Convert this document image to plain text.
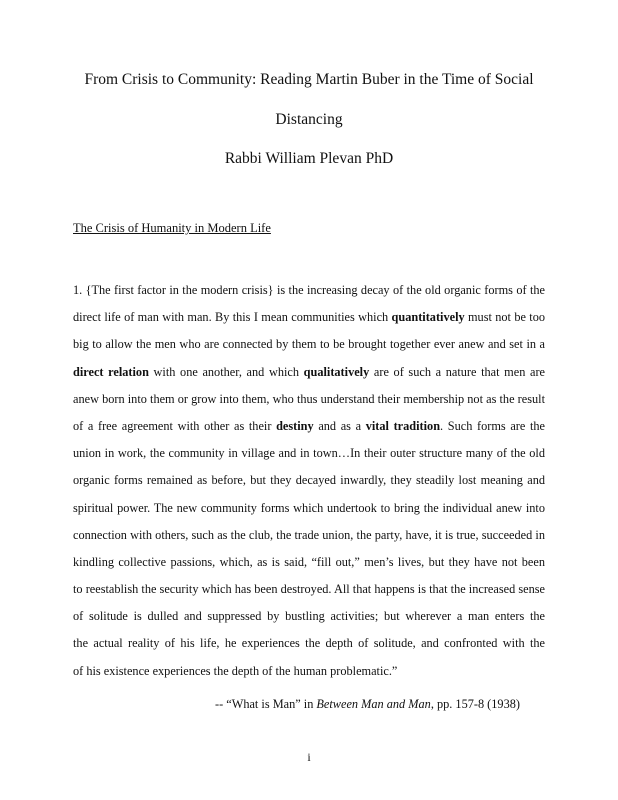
From Crisis to Community: Reading Martin Buber in the Time of Social
Distancing
Rabbi William Plevan PhD
The Crisis of Humanity in Modern Life
1. {The first factor in the modern crisis} is the increasing decay of the old organic forms of the
direct life of man with man. By this I mean communities which quantitatively must not be too
big to allow the men who are connected by them to be brought together ever anew and set in a
direct relation with one another, and which qualitatively are of such a nature that men are
anew born into them or grow into them, who thus understand their membership not as the result
of a free agreement with other as their destiny and as a vital tradition. Such forms are the
union in work, the community in village and in town…In their outer structure many of the old
organic forms remained as before, but they decayed inwardly, they steadily lost meaning and
spiritual power. The new community forms which undertook to bring the individual anew into
connection with others, such as the club, the trade union, the party, have, it is true, succeeded in
kindling collective passions, which, as is said, “fill out,” men’s lives, but they have not been
to reestablish the security which has been destroyed. All that happens is that the increased sense
of solitude is dulled and suppressed by bustling activities; but wherever a man enters the
the actual reality of his life, he experiences the depth of solitude, and confronted with the
of his existence experiences the depth of the human problematic.”
-- “What is Man” in Between Man and Man, pp. 157-8 (1938)
i
